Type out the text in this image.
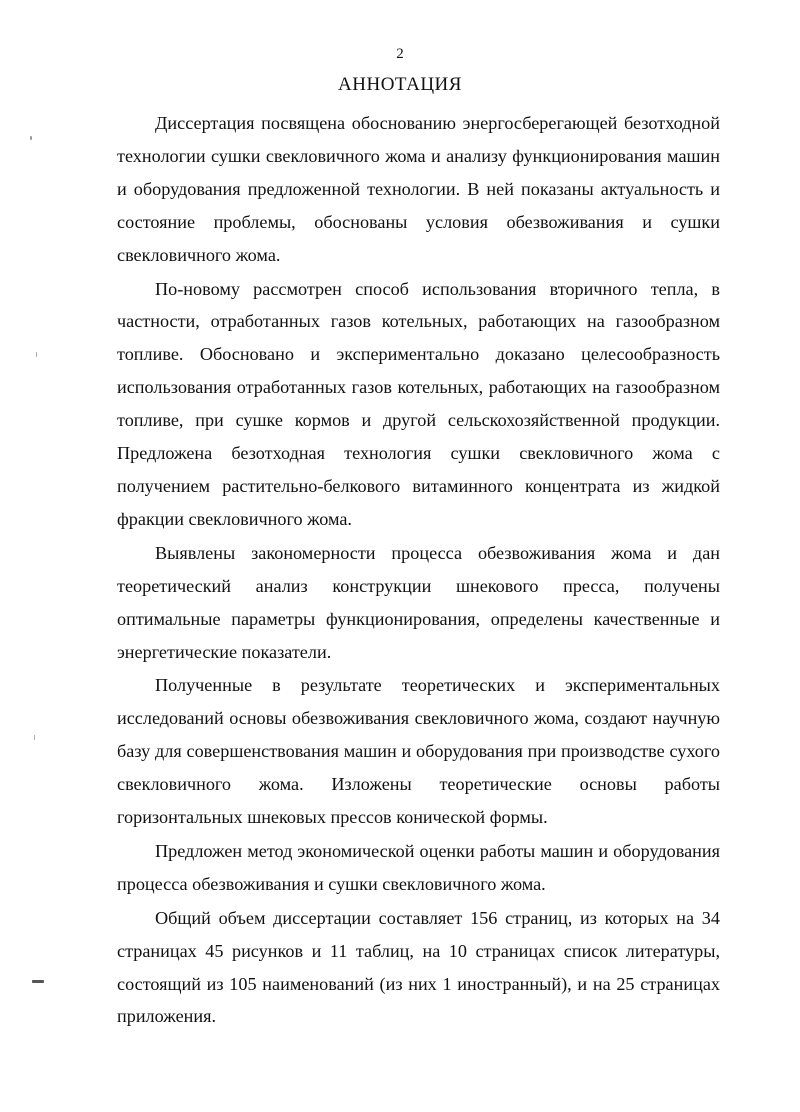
2
АННОТАЦИЯ

Диссертация посвящена обоснованию энергосберегающей безотходной технологии сушки свекловичного жома и анализу функционирования машин и оборудования предложенной технологии. В ней показаны актуальность и состояние проблемы, обоснованы условия обезвоживания и сушки свекловичного жома.

По-новому рассмотрен способ использования вторичного тепла, в частности, отработанных газов котельных, работающих на газообразном топливе. Обосновано и экспериментально доказано целесообразность использования отработанных газов котельных, работающих на газообразном топливе, при сушке кормов и другой сельскохозяйственной продукции. Предложена безотходная технология сушки свекловичного жома с получением растительно-белкового витаминного концентрата из жидкой фракции свекловичного жома.

Выявлены закономерности процесса обезвоживания жома и дан теоретический анализ конструкции шнекового пресса, получены оптимальные параметры функционирования, определены качественные и энергетические показатели.

Полученные в результате теоретических и экспериментальных исследований основы обезвоживания свекловичного жома, создают научную базу для совершенствования машин и оборудования при производстве сухого свекловичного жома. Изложены теоретические основы работы горизонтальных шнековых прессов конической формы.

Предложен метод экономической оценки работы машин и оборудования процесса обезвоживания и сушки свекловичного жома.

Общий объем диссертации составляет 156 страниц, из которых на 34 страницах 45 рисунков и 11 таблиц, на 10 страницах список литературы, состоящий из 105 наименований (из них 1 иностранный), и на 25 страницах приложения.
